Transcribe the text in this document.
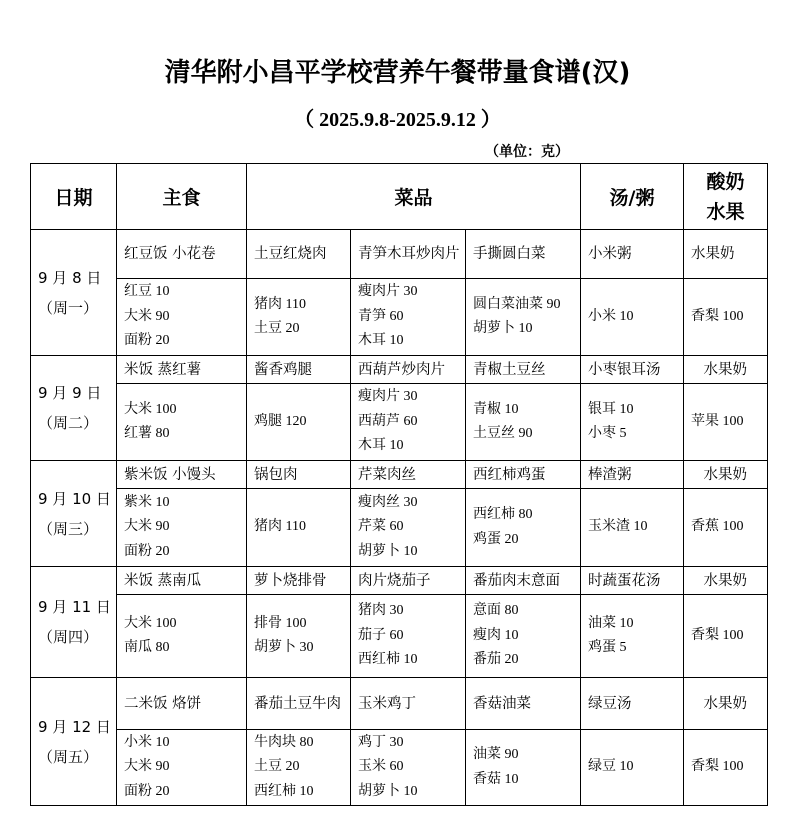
清华附小昌平学校营养午餐带量食谱(汉)
（ 2025.9.8-2025.9.12 ）
（单位：克）
日期	主食	菜品			汤/粥	酸奶
水果

9 月 8 日
（周一）	红豆饭 小花卷	土豆红烧肉	青笋木耳炒肉片	手撕圆白菜	小米粥	水果奶

	红豆 10
大米 90
面粉 20	猪肉 110
土豆 20	瘦肉片 30
青笋 60
木耳 10	圆白菜油菜 90
胡萝卜 10	小米 10	香梨 100

9 月 9 日
（周二）	米饭 蒸红薯	酱香鸡腿	西葫芦炒肉片	青椒土豆丝	小枣银耳汤	水果奶

	大米 100
红薯 80	鸡腿 120	瘦肉片 30
西葫芦 60
木耳 10	青椒 10
土豆丝 90	银耳 10
小枣 5	苹果 100

9 月 10 日
（周三）	紫米饭 小馒头	锅包肉	芹菜肉丝	西红柿鸡蛋	棒渣粥	水果奶

	紫米 10
大米 90
面粉 20	猪肉 110	瘦肉丝 30
芹菜 60
胡萝卜 10	西红柿 80
鸡蛋 20	玉米渣 10	香蕉 100

9 月 11 日
（周四）	米饭 蒸南瓜	萝卜烧排骨	肉片烧茄子	番茄肉末意面	时蔬蛋花汤	水果奶

	大米 100
南瓜 80	排骨 100
胡萝卜 30	猪肉 30
茄子 60
西红柿 10	意面 80
瘦肉 10
番茄 20	油菜 10
鸡蛋 5	香梨 100

9 月 12 日
（周五）	二米饭 烙饼	番茄土豆牛肉	玉米鸡丁	香菇油菜	绿豆汤	水果奶

	小米 10
大米 90
面粉 20	牛肉块 80
土豆 20
西红柿 10	鸡丁 30
玉米 60
胡萝卜 10	油菜 90
香菇 10	绿豆 10	香梨 100
